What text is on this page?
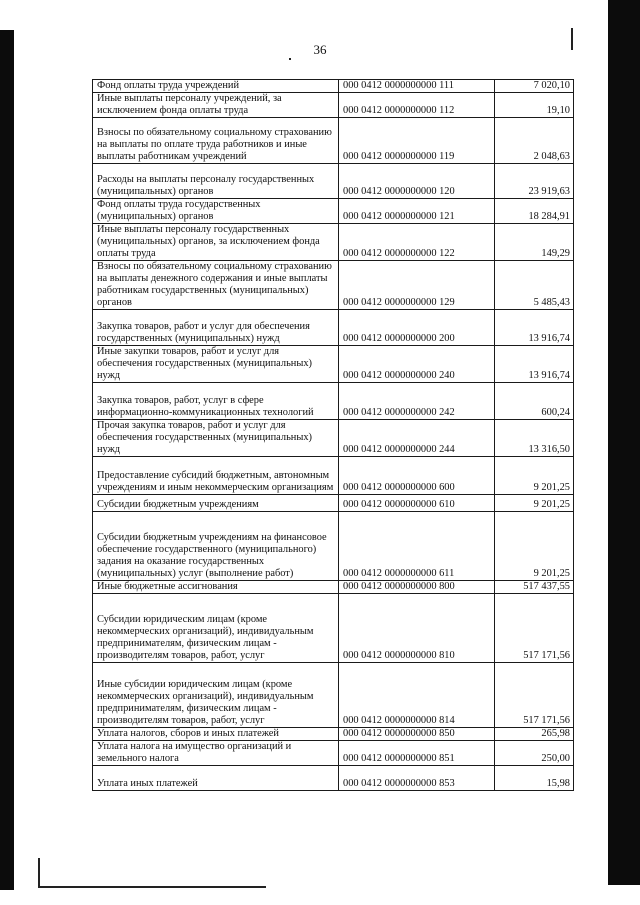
36
Фонд оплаты труда учреждений	000 0412 0000000000 111	7 020,10
Иные выплаты персоналу учреждений, за исключением фонда оплаты труда	000 0412 0000000000 112	19,10
Взносы по обязательному социальному страхованию на выплаты по оплате труда работников и иные выплаты работникам учреждений	000 0412 0000000000 119	2 048,63
Расходы на выплаты персоналу государственных (муниципальных) органов	000 0412 0000000000 120	23 919,63
Фонд оплаты труда государственных (муниципальных) органов	000 0412 0000000000 121	18 284,91
Иные выплаты персоналу государственных (муниципальных) органов, за исключением фонда оплаты труда	000 0412 0000000000 122	149,29
Взносы по обязательному социальному страхованию на выплаты денежного содержания и иные выплаты работникам государственных (муниципальных) органов	000 0412 0000000000 129	5 485,43
Закупка товаров, работ и услуг для обеспечения государственных (муниципальных) нужд	000 0412 0000000000 200	13 916,74
Иные закупки товаров, работ и услуг для обеспечения государственных (муниципальных) нужд	000 0412 0000000000 240	13 916,74
Закупка товаров, работ, услуг в сфере информационно-коммуникационных технологий	000 0412 0000000000 242	600,24
Прочая закупка товаров, работ и услуг для обеспечения государственных (муниципальных) нужд	000 0412 0000000000 244	13 316,50
Предоставление субсидий бюджетным, автономным учреждениям и иным некоммерческим организациям	000 0412 0000000000 600	9 201,25
Субсидии бюджетным учреждениям	000 0412 0000000000 610	9 201,25
Субсидии бюджетным учреждениям на финансовое обеспечение государственного (муниципального) задания на оказание государственных (муниципальных) услуг (выполнение работ)	000 0412 0000000000 611	9 201,25
Иные бюджетные ассигнования	000 0412 0000000000 800	517 437,55
Субсидии юридическим лицам (кроме некоммерческих организаций), индивидуальным предпринимателям, физическим лицам - производителям товаров, работ, услуг	000 0412 0000000000 810	517 171,56
Иные субсидии юридическим лицам (кроме некоммерческих организаций), индивидуальным предпринимателям, физическим лицам - производителям товаров, работ, услуг	000 0412 0000000000 814	517 171,56
Уплата налогов, сборов и иных платежей	000 0412 0000000000 850	265,98
Уплата налога на имущество организаций и земельного налога	000 0412 0000000000 851	250,00
Уплата иных платежей	000 0412 0000000000 853	15,98
